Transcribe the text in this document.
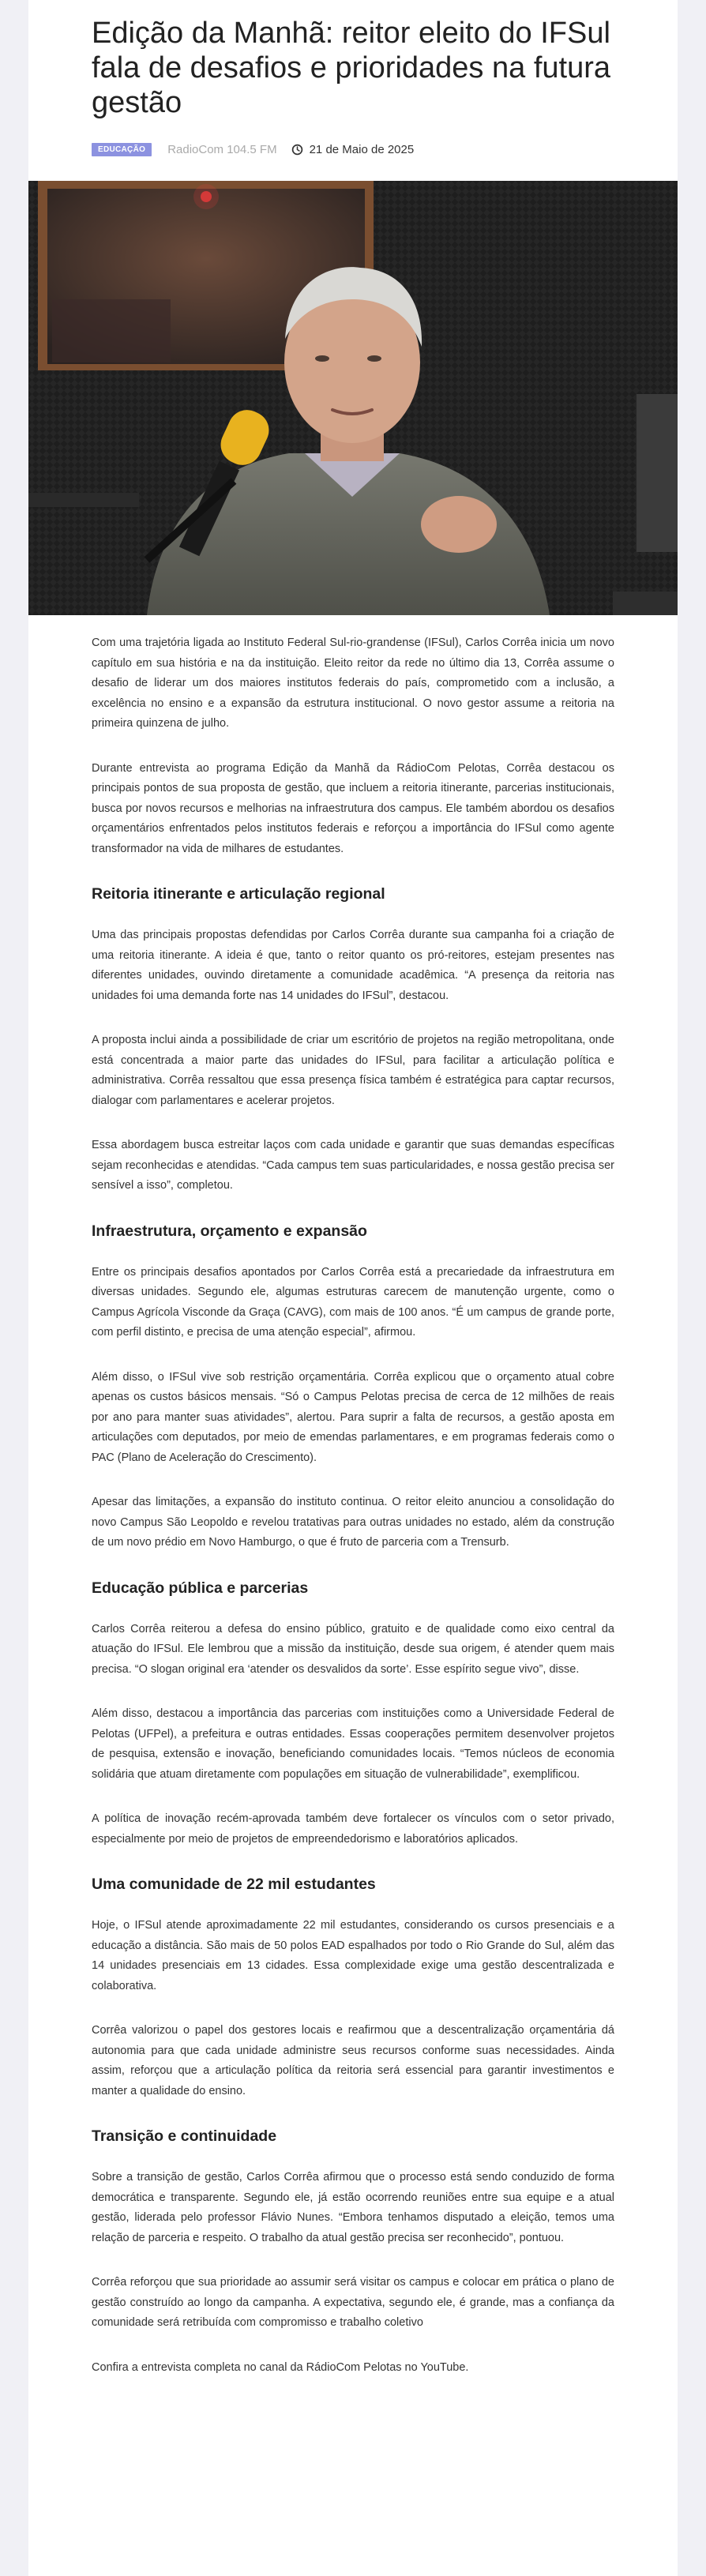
Edição da Manhã: reitor eleito do IFSul fala de desafios e prioridades na futura gestão
EDUCAÇÃO	RadioCom 104.5 FM	21 de Maio de 2025

Com uma trajetória ligada ao Instituto Federal Sul-rio-grandense (IFSul), Carlos Corrêa inicia um novo capítulo em sua história e na da instituição. Eleito reitor da rede no último dia 13, Corrêa assume o desafio de liderar um dos maiores institutos federais do país, comprometido com a inclusão, a excelência no ensino e a expansão da estrutura institucional. O novo gestor assume a reitoria na primeira quinzena de julho.

Durante entrevista ao programa Edição da Manhã da RádioCom Pelotas, Corrêa destacou os principais pontos de sua proposta de gestão, que incluem a reitoria itinerante, parcerias institucionais, busca por novos recursos e melhorias na infraestrutura dos campus. Ele também abordou os desafios orçamentários enfrentados pelos institutos federais e reforçou a importância do IFSul como agente transformador na vida de milhares de estudantes.

Reitoria itinerante e articulação regional

Uma das principais propostas defendidas por Carlos Corrêa durante sua campanha foi a criação de uma reitoria itinerante. A ideia é que, tanto o reitor quanto os pró-reitores, estejam presentes nas diferentes unidades, ouvindo diretamente a comunidade acadêmica. “A presença da reitoria nas unidades foi uma demanda forte nas 14 unidades do IFSul”, destacou.

A proposta inclui ainda a possibilidade de criar um escritório de projetos na região metropolitana, onde está concentrada a maior parte das unidades do IFSul, para facilitar a articulação política e administrativa. Corrêa ressaltou que essa presença física também é estratégica para captar recursos, dialogar com parlamentares e acelerar projetos.

Essa abordagem busca estreitar laços com cada unidade e garantir que suas demandas específicas sejam reconhecidas e atendidas. “Cada campus tem suas particularidades, e nossa gestão precisa ser sensível a isso”, completou.

Infraestrutura, orçamento e expansão

Entre os principais desafios apontados por Carlos Corrêa está a precariedade da infraestrutura em diversas unidades. Segundo ele, algumas estruturas carecem de manutenção urgente, como o Campus Agrícola Visconde da Graça (CAVG), com mais de 100 anos. “É um campus de grande porte, com perfil distinto, e precisa de uma atenção especial”, afirmou.

Além disso, o IFSul vive sob restrição orçamentária. Corrêa explicou que o orçamento atual cobre apenas os custos básicos mensais. “Só o Campus Pelotas precisa de cerca de 12 milhões de reais por ano para manter suas atividades”, alertou. Para suprir a falta de recursos, a gestão aposta em articulações com deputados, por meio de emendas parlamentares, e em programas federais como o PAC (Plano de Aceleração do Crescimento).

Apesar das limitações, a expansão do instituto continua. O reitor eleito anunciou a consolidação do novo Campus São Leopoldo e revelou tratativas para outras unidades no estado, além da construção de um novo prédio em Novo Hamburgo, o que é fruto de parceria com a Trensurb.

Educação pública e parcerias

Carlos Corrêa reiterou a defesa do ensino público, gratuito e de qualidade como eixo central da atuação do IFSul. Ele lembrou que a missão da instituição, desde sua origem, é atender quem mais precisa. “O slogan original era ‘atender os desvalidos da sorte’. Esse espírito segue vivo”, disse.

Além disso, destacou a importância das parcerias com instituições como a Universidade Federal de Pelotas (UFPel), a prefeitura e outras entidades. Essas cooperações permitem desenvolver projetos de pesquisa, extensão e inovação, beneficiando comunidades locais. “Temos núcleos de economia solidária que atuam diretamente com populações em situação de vulnerabilidade”, exemplificou.

A política de inovação recém-aprovada também deve fortalecer os vínculos com o setor privado, especialmente por meio de projetos de empreendedorismo e laboratórios aplicados.

Uma comunidade de 22 mil estudantes

Hoje, o IFSul atende aproximadamente 22 mil estudantes, considerando os cursos presenciais e a educação a distância. São mais de 50 polos EAD espalhados por todo o Rio Grande do Sul, além das 14 unidades presenciais em 13 cidades. Essa complexidade exige uma gestão descentralizada e colaborativa.

Corrêa valorizou o papel dos gestores locais e reafirmou que a descentralização orçamentária dá autonomia para que cada unidade administre seus recursos conforme suas necessidades. Ainda assim, reforçou que a articulação política da reitoria será essencial para garantir investimentos e manter a qualidade do ensino.

Transição e continuidade

Sobre a transição de gestão, Carlos Corrêa afirmou que o processo está sendo conduzido de forma democrática e transparente. Segundo ele, já estão ocorrendo reuniões entre sua equipe e a atual gestão, liderada pelo professor Flávio Nunes. “Embora tenhamos disputado a eleição, temos uma relação de parceria e respeito. O trabalho da atual gestão precisa ser reconhecido”, pontuou.

Corrêa reforçou que sua prioridade ao assumir será visitar os campus e colocar em prática o plano de gestão construído ao longo da campanha. A expectativa, segundo ele, é grande, mas a confiança da comunidade será retribuída com compromisso e trabalho coletivo

Confira a entrevista completa no canal da RádioCom Pelotas no YouTube.
